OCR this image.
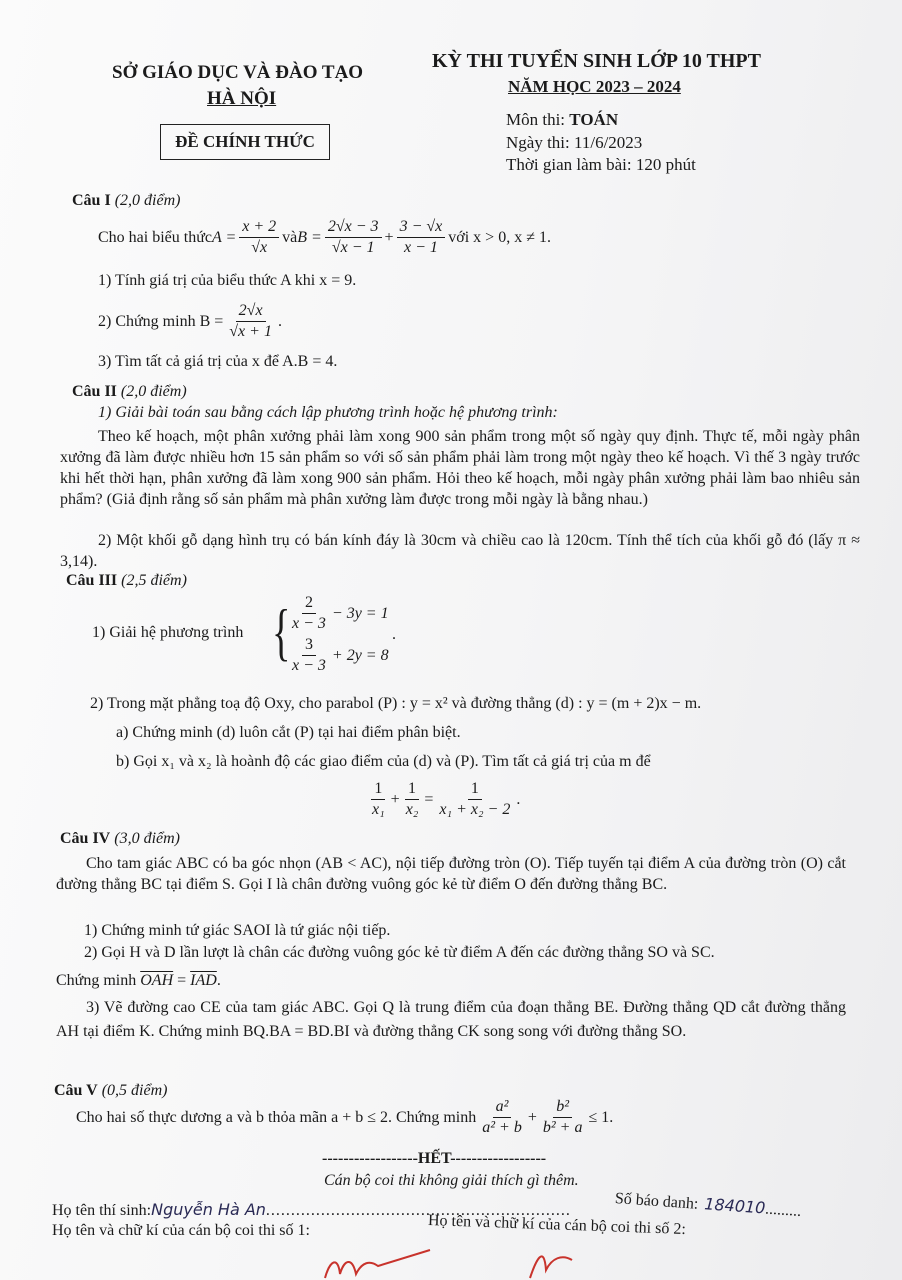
SỞ GIÁO DỤC VÀ ĐÀO TẠO
HÀ NỘI
ĐỀ CHÍNH THỨC
KỲ THI TUYỂN SINH LỚP 10 THPT
NĂM HỌC 2023 – 2024
Môn thi: TOÁN
Ngày thi: 11/6/2023
Thời gian làm bài: 120 phút
Câu I (2,0 điểm)
Cho hai biểu thức $A = \frac{x + 2}{√x}$ và $B = \frac{2√x - 3}{√x - 1} + \frac{3 - √x}{x - 1}$ với x > 0, x ≠ 1.
1) Tính giá trị của biểu thức A khi x = 9.
2) Chứng minh $B = \frac{2√x}{√x + 1}$ .
3) Tìm tất cả giá trị của x để A.B = 4.
Câu II (2,0 điểm)
1) Giải bài toán sau bằng cách lập phương trình hoặc hệ phương trình:
Theo kế hoạch, một phân xưởng phải làm xong 900 sản phẩm trong một số ngày quy định. Thực tế, mỗi ngày phân xưởng đã làm được nhiều hơn 15 sản phẩm so với số sản phẩm phải làm trong một ngày theo kế hoạch. Vì thế 3 ngày trước khi hết thời hạn, phân xưởng đã làm xong 900 sản phẩm. Hỏi theo kế hoạch, mỗi ngày phân xưởng phải làm bao nhiêu sản phẩm? (Giả định rằng số sản phẩm mà phân xưởng làm được trong mỗi ngày là bằng nhau.)
2) Một khối gỗ dạng hình trụ có bán kính đáy là 30cm và chiều cao là 120cm. Tính thể tích của khối gỗ đó (lấy π ≈ 3,14).
Câu III (2,5 điểm)
1) Giải hệ phương trình {
$\frac{2}{x - 3} - 3y = 1$
$\frac{3}{x - 3} + 2y = 8$
.
2) Trong mặt phẳng toạ độ Oxy, cho parabol (P) : y = x² và đường thẳng (d) : y = (m + 2)x − m.
a) Chứng minh (d) luôn cắt (P) tại hai điểm phân biệt.
b) Gọi x₁ và x₂ là hoành độ các giao điểm của (d) và (P). Tìm tất cả giá trị của m để
$\frac{1}{\text{x₁}} + \frac{1}{\text{x₂}} = \frac{1}{\text{x₁ + x₂ − 2}}$ .
Câu IV (3,0 điểm)
Cho tam giác ABC có ba góc nhọn (AB < AC), nội tiếp đường tròn (O). Tiếp tuyến tại điểm A của đường tròn (O) cắt đường thẳng BC tại điểm S. Gọi I là chân đường vuông góc kẻ từ điểm O đến đường thẳng BC.
1) Chứng minh tứ giác SAOI là tứ giác nội tiếp.
2) Gọi H và D lần lượt là chân các đường vuông góc kẻ từ điểm A đến các đường thẳng SO và SC.
Chứng minh $\overline{OAH} = \overline{IAD}$.
3) Vẽ đường cao CE của tam giác ABC. Gọi Q là trung điểm của đoạn thẳng BE. Đường thẳng QD cắt đường thẳng AH tại điểm K. Chứng minh BQ.BA = BD.BI và đường thẳng CK song song với đường thẳng SO.
Câu V (0,5 điểm)
Cho hai số thực dương a và b thỏa mãn a + b ≤ 2. Chứng minh $\frac{\text{a²}}{\text{a² + b}} + \frac{\text{b²}}{\text{b² + a}} \le 1$.
------------------HẾT------------------
Cán bộ coi thi không giải thích gì thêm.
Họ tên thí sinh:Nguyễn Hà An.............................................................	Số báo danh: 184010.........
Họ tên và chữ kí của cán bộ coi thi số 1:	Họ tên và chữ kí của cán bộ coi thi số 2:
